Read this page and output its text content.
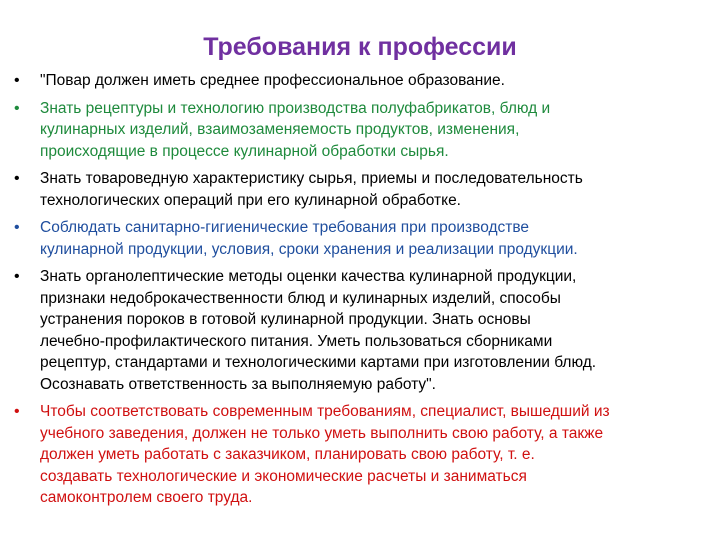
Требования к профессии
• "Повар должен иметь среднее профессиональное образование.
• Знать рецептуры и технологию производства полуфабрикатов, блюд и
кулинарных изделий, взаимозаменяемость продуктов, изменения,
происходящие в процессе кулинарной обработки сырья.
• Знать товароведную характеристику сырья, приемы и последовательность
технологических операций при его кулинарной обработке.
• Соблюдать санитарно-гигиенические требования при производстве
кулинарной продукции, условия, сроки хранения и реализации продукции.
• Знать органолептические методы оценки качества кулинарной продукции,
признаки недоброкачественности блюд и кулинарных изделий, способы
устранения пороков в готовой кулинарной продукции. Знать основы
лечебно-профилактического питания. Уметь пользоваться сборниками
рецептур, стандартами и технологическими картами при изготовлении блюд.
Осознавать ответственность за выполняемую работу".
• Чтобы соответствовать современным требованиям, специалист, вышедший из
учебного заведения, должен не только уметь выполнить свою работу, а также
должен уметь работать с заказчиком, планировать свою работу, т. е.
создавать технологические и экономические расчеты и заниматься
самоконтролем своего труда.
